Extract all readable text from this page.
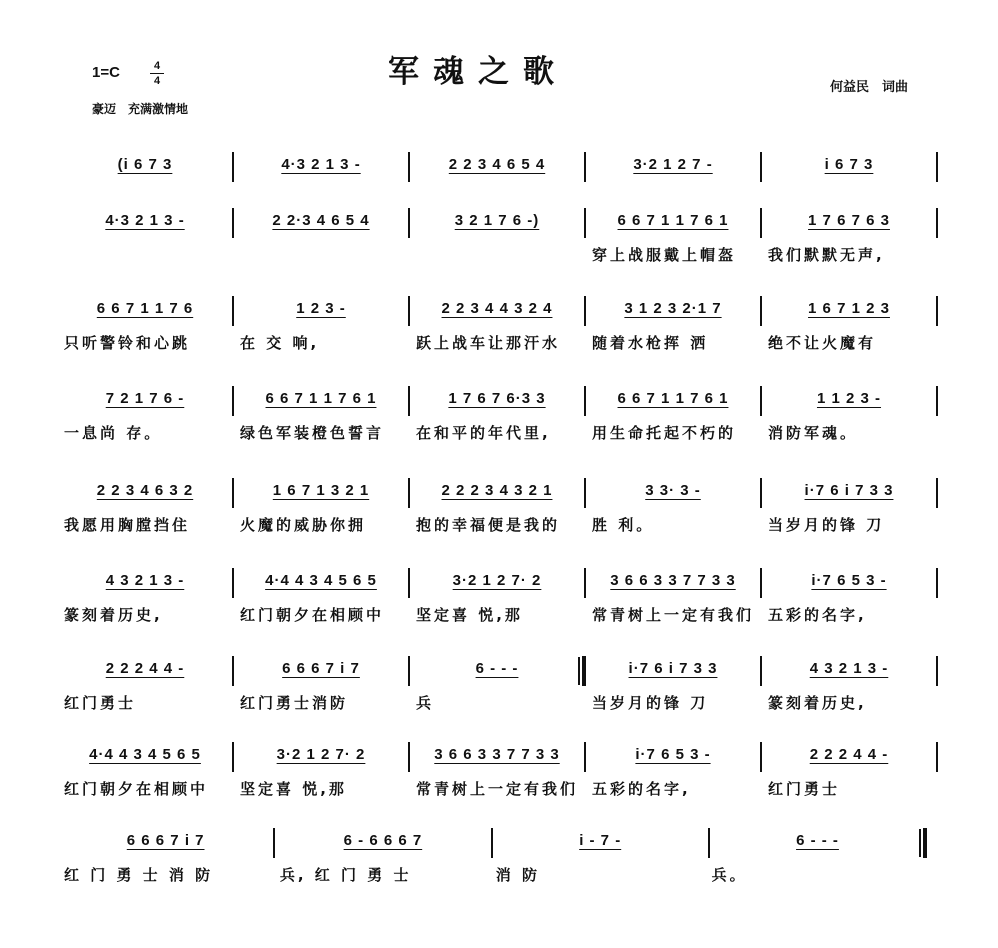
1=C	4
4
豪迈　充满激情地
军魂之歌	何益民　词曲
(i 6 7 3	4·3 2 1 3 -	2 2 3 4 6 5 4	3·2 1 2 7 -	i 6 7 3
4·3 2 1 3 -	2 2·3 4 6 5 4	3 2 1 7 6 -)	6 6 7 1 1 7 6 1	1 7 6 7 6 3
穿上战服戴上帽盔	我们默默无声,
6 6 7 1 1 7 6	1 2 3 -	2 2 3 4 4 3 2 4	3 1 2 3 2·1 7	1 6 7 1 2 3
只听警铃和心跳	在 交 响,	跃上战车让那汗水	随着水枪挥 洒	绝不让火魔有
7 2 1 7 6 -	6 6 7 1 1 7 6 1	1 7 6 7 6·3 3	6 6 7 1 1 7 6 1	1 1 2 3 -
一息尚 存。	绿色军装橙色誓言	在和平的年代里,	用生命托起不朽的	消防军魂。
2 2 3 4 6 3 2	1 6 7 1 3 2 1	2 2 2 3 4 3 2 1	3 3· 3 -	i·7 6 i 7 3 3
我愿用胸膛挡住	火魔的威胁你拥	抱的幸福便是我的	胜 利。	当岁月的锋 刀
4 3 2 1 3 -	4·4 4 3 4 5 6 5	3·2 1 2 7· 2	3 6 6 3 3 7 7 3 3	i·7 6 5 3 -
篆刻着历史,	红门朝夕在相顾中	坚定喜 悦,那	常青树上一定有我们 五彩的名字,
2 2 2 4 4 -	6 6 6 7 i 7	6 - - -	i·7 6 i 7 3 3	4 3 2 1 3 -
红门勇士	红门勇士消防	兵	当岁月的锋 刀	篆刻着历史,
4·4 4 3 4 5 6 5	3·2 1 2 7· 2	3 6 6 3 3 7 7 3 3	i·7 6 5 3 -	2 2 2 4 4 -
红门朝夕在相顾中	坚定喜 悦,那	常青树上一定有我们 五彩的名字,	红门勇士
6 6 6 7 i 7	6 - 6 6 6 7	i - 7 -	6 - - -
红 门 勇 士 消 防	兵, 红 门 勇 士	消 防	兵。
